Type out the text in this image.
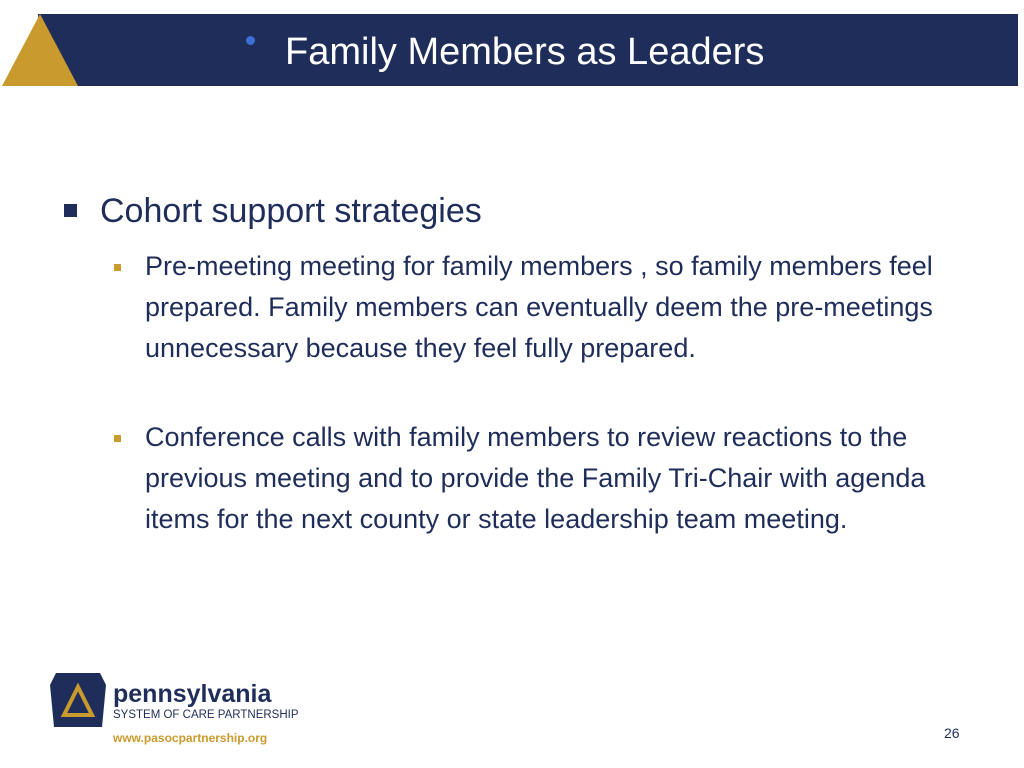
Family Members as Leaders
Cohort support strategies
Pre-meeting meeting for family members , so family members feel prepared. Family members can eventually deem the pre-meetings unnecessary because they feel fully prepared.
Conference calls with family members to review reactions to the previous meeting and to provide the Family Tri-Chair with agenda items for the next county or state leadership team meeting.
pennsylvania
SYSTEM OF CARE PARTNERSHIP
www.pasocpartnership.org	26
